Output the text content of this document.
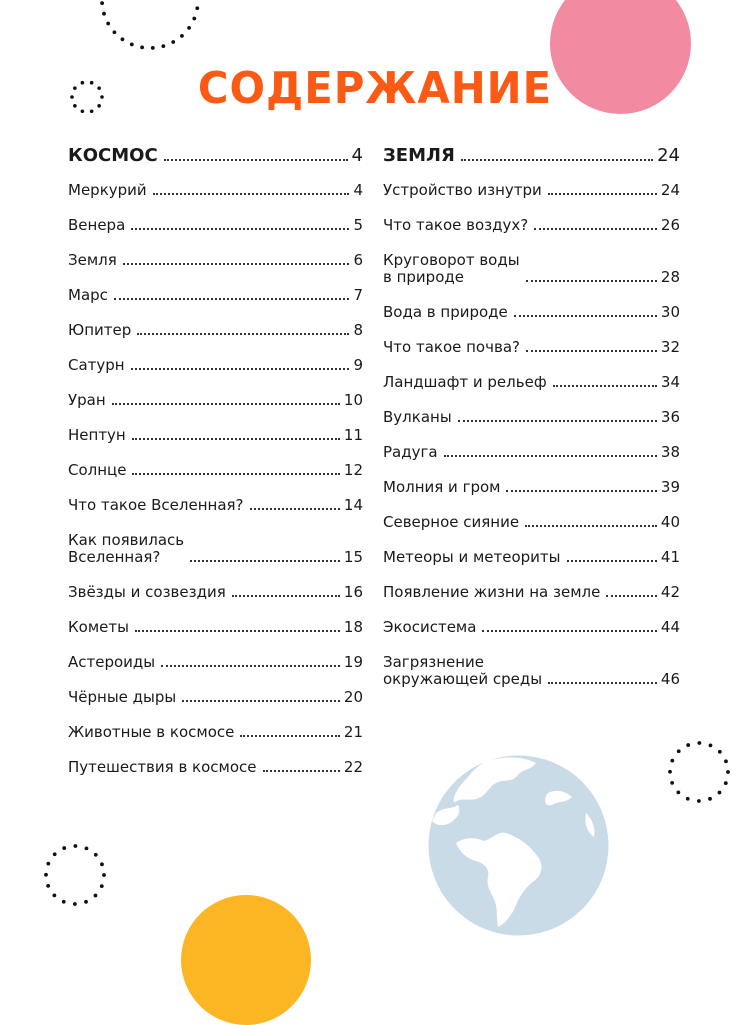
СОДЕРЖАНИЕ
КОСМОС	4
Меркурий	4
Венера	5
Земля	6
Марс	7
Юпитер	8
Сатурн	9
Уран	10
Нептун	11
Солнце	12
Что такое Вселенная?	14
Как появилась
Вселенная?	15
Звёзды и созвездия	16
Кометы	18
Астероиды	19
Чёрные дыры	20
Животные в космосе	21
Путешествия в космосе	22
ЗЕМЛЯ	24
Устройство изнутри	24
Что такое воздух?	26
Круговорот воды
в природе	28
Вода в природе	30
Что такое почва?	32
Ландшафт и рельеф	34
Вулканы	36
Радуга	38
Молния и гром	39
Северное сияние	40
Метеоры и метеориты	41
Появление жизни на земле	42
Экосистема	44
Загрязнение
окружающей среды	46
